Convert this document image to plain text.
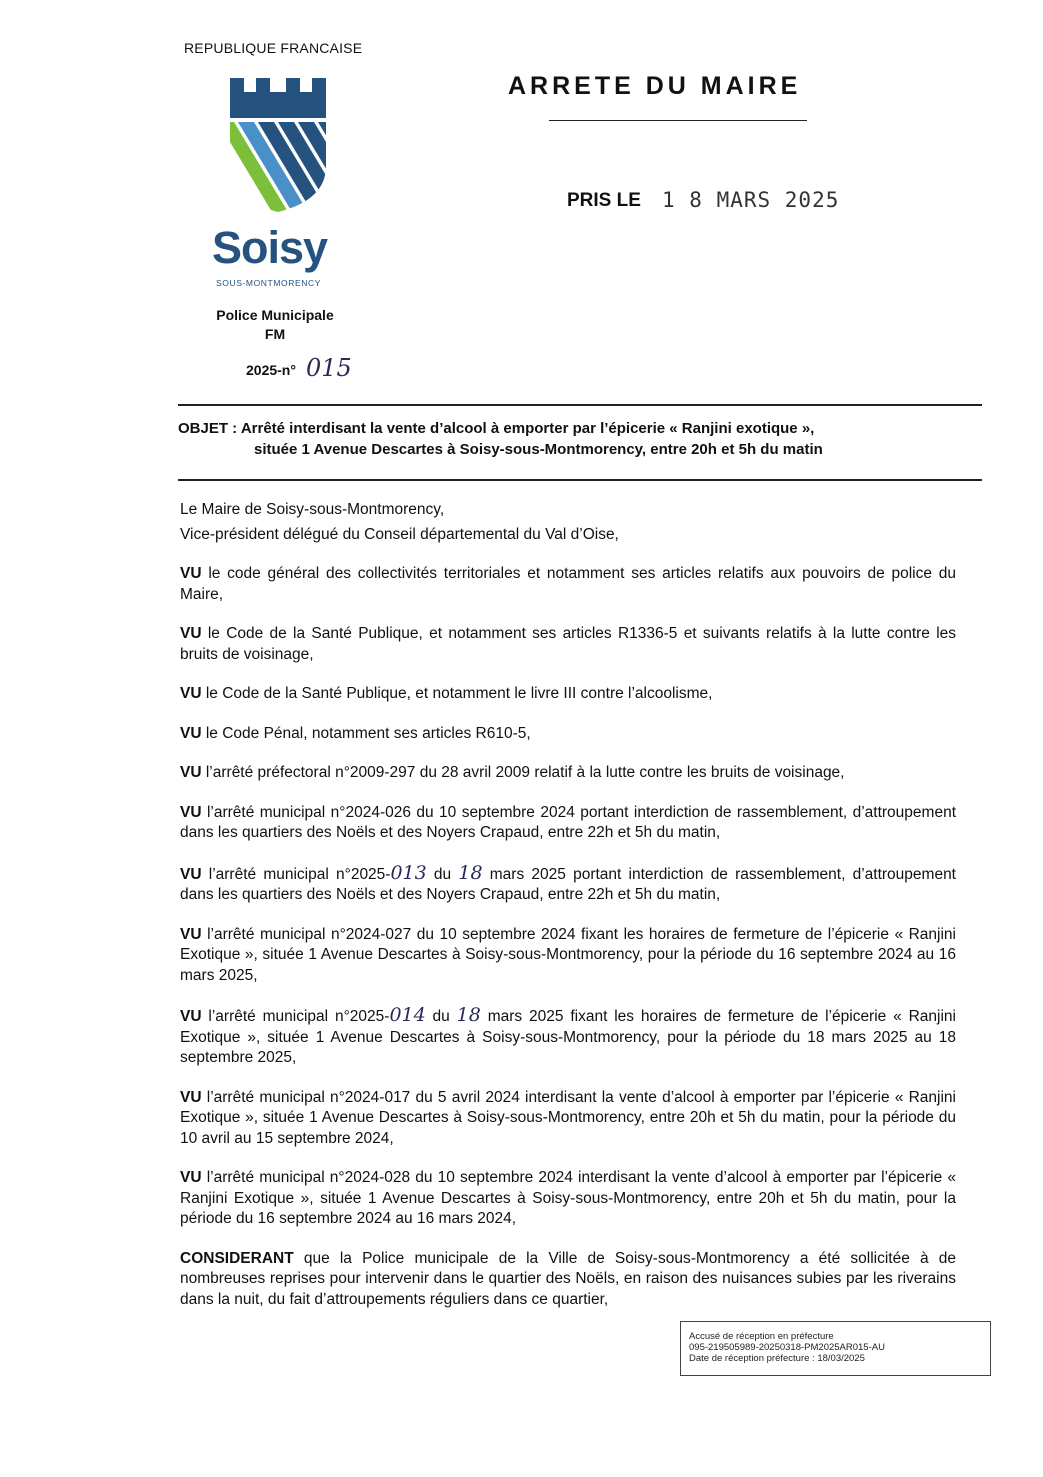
REPUBLIQUE FRANCAISE
Soisy
SOUS-MONTMORENCY
Police Municipale
FM
2025-n° 015
ARRETE DU MAIRE
PRIS LE 1 8 MARS 2025
OBJET : Arrêté interdisant la vente d’alcool à emporter par l’épicerie « Ranjini exotique »,
située 1 Avenue Descartes à Soisy-sous-Montmorency, entre 20h et 5h du matin

Le Maire de Soisy-sous-Montmorency,

Vice-président délégué du Conseil départemental du Val d’Oise,

VU le code général des collectivités territoriales et notamment ses articles relatifs aux pouvoirs de police du Maire,

VU le Code de la Santé Publique, et notamment ses articles R1336-5 et suivants relatifs à la lutte contre les bruits de voisinage,

VU le Code de la Santé Publique, et notamment le livre III contre l’alcoolisme,

VU le Code Pénal, notamment ses articles R610-5,

VU l’arrêté préfectoral n°2009-297 du 28 avril 2009 relatif à la lutte contre les bruits de voisinage,

VU l’arrêté municipal n°2024-026 du 10 septembre 2024 portant interdiction de rassemblement, d’attroupement dans les quartiers des Noëls et des Noyers Crapaud, entre 22h et 5h du matin,

VU l’arrêté municipal n°2025-013 du 18 mars 2025 portant interdiction de rassemblement, d’attroupement dans les quartiers des Noëls et des Noyers Crapaud, entre 22h et 5h du matin,

VU l’arrêté municipal n°2024-027 du 10 septembre 2024 fixant les horaires de fermeture de l’épicerie « Ranjini Exotique », située 1 Avenue Descartes à Soisy-sous-Montmorency, pour la période du 16 septembre 2024 au 16 mars 2025,

VU l’arrêté municipal n°2025-014 du 18 mars 2025 fixant les horaires de fermeture de l’épicerie « Ranjini Exotique », située 1 Avenue Descartes à Soisy-sous-Montmorency, pour la période du 18 mars 2025 au 18 septembre 2025,

VU l’arrêté municipal n°2024-017 du 5 avril 2024 interdisant la vente d’alcool à emporter par l’épicerie « Ranjini Exotique », située 1 Avenue Descartes à Soisy-sous-Montmorency, entre 20h et 5h du matin, pour la période du 10 avril au 15 septembre 2024,

VU l’arrêté municipal n°2024-028 du 10 septembre 2024 interdisant la vente d’alcool à emporter par l’épicerie « Ranjini Exotique », située 1 Avenue Descartes à Soisy-sous-Montmorency, entre 20h et 5h du matin, pour la période du 16 septembre 2024 au 16 mars 2024,

CONSIDERANT que la Police municipale de la Ville de Soisy-sous-Montmorency a été sollicitée à de nombreuses reprises pour intervenir dans le quartier des Noëls, en raison des nuisances subies par les riverains dans la nuit, du fait d’attroupements réguliers dans ce quartier,

Accusé de réception en préfecture
095-219505989-20250318-PM2025AR015-AU
Date de réception préfecture : 18/03/2025
